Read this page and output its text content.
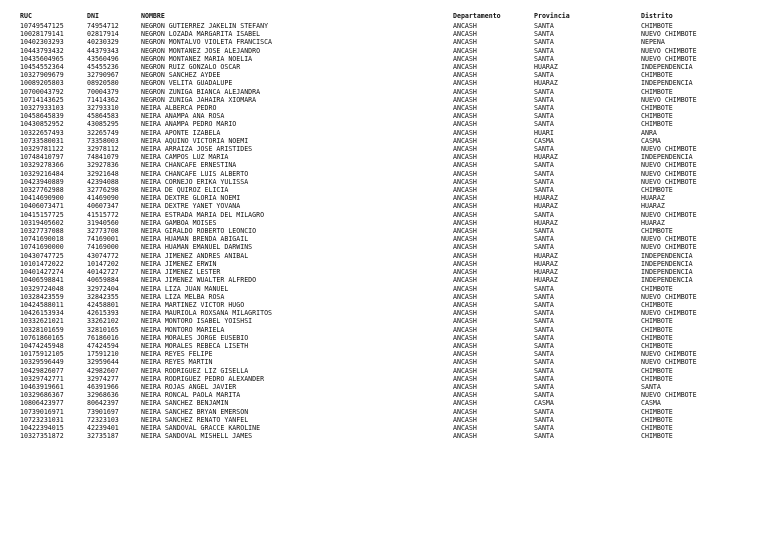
RUC	DNI	NOMBRE	Departamento	Provincia	Distrito
10749547125	74954712	NEGRON GUTIERREZ JAKELIN STEFANY	ANCASH	SANTA	CHIMBOTE
10028179141	02817914	NEGRON LOZADA MARGARITA ISABEL	ANCASH	SANTA	NUEVO CHIMBOTE
10402303293	40230329	NEGRON MONTALVO VIOLETA FRANCISCA	ANCASH	SANTA	NEPEÑA
10443793432	44379343	NEGRON MONTAÑEZ JOSE ALEJANDRO	ANCASH	SANTA	NUEVO CHIMBOTE
10435604965	43560496	NEGRON MONTAÑEZ MARIA NOELIA	ANCASH	SANTA	NUEVO CHIMBOTE
10454552364	45455236	NEGRON RUIZ GONZALO OSCAR	ANCASH	HUARAZ	INDEPENDENCIA
10327909679	32790967	NEGRON SANCHEZ AYDEE	ANCASH	SANTA	CHIMBOTE
10089205803	08920580	NEGRON VELITA GUADALUPE	ANCASH	HUARAZ	INDEPENDENCIA
10700043792	70004379	NEGRON ZUÑIGA BIANCA ALEJANDRA	ANCASH	SANTA	CHIMBOTE
10714143625	71414362	NEGRON ZUÑIGA JAHAIRA XIOMARA	ANCASH	SANTA	NUEVO CHIMBOTE
10327933103	32793310	NEIRA ALBERCA PEDRO	ANCASH	SANTA	CHIMBOTE
10458645839	45864583	NEIRA ANAMPA ANA ROSA	ANCASH	SANTA	CHIMBOTE
10430852952	43085295	NEIRA ANAMPA PEDRO MARIO	ANCASH	SANTA	CHIMBOTE
10322657493	32265749	NEIRA APONTE IZABELA	ANCASH	HUARI	ANRA
10733580031	73358003	NEIRA AQUINO VICTORIA NOEMI	ANCASH	CASMA	CASMA
10329781122	32978112	NEIRA ARRAIZA JOSE ARISTIDES	ANCASH	SANTA	NUEVO CHIMBOTE
10748410797	74841079	NEIRA CAMPOS LUZ MARIA	ANCASH	HUARAZ	INDEPENDENCIA
10329278366	32927836	NEIRA CHANCAFE ERNESTINA	ANCASH	SANTA	NUEVO CHIMBOTE
10329216484	32921648	NEIRA CHANCAFE LUIS ALBERTO	ANCASH	SANTA	NUEVO CHIMBOTE
10423940889	42394088	NEIRA CORNEJO ERIKA YULISSA	ANCASH	SANTA	NUEVO CHIMBOTE
10327762988	32776298	NEIRA DE QUIROZ ELICIA	ANCASH	SANTA	CHIMBOTE
10414690900	41469090	NEIRA DEXTRE GLORIA NOEMI	ANCASH	HUARAZ	HUARAZ
10406073471	40607347	NEIRA DEXTRE YANET YOVANA	ANCASH	HUARAZ	HUARAZ
10415157725	41515772	NEIRA ESTRADA MARIA DEL MILAGRO	ANCASH	SANTA	NUEVO CHIMBOTE
10319405602	31940560	NEIRA GAMBOA MOISES	ANCASH	HUARAZ	HUARAZ
10327737088	32773708	NEIRA GIRALDO ROBERTO LEONCIO	ANCASH	SANTA	CHIMBOTE
10741690018	74169001	NEIRA HUAMAN BRENDA ABIGAIL	ANCASH	SANTA	NUEVO CHIMBOTE
10741690000	74169000	NEIRA HUAMAN EMANUEL DARWINS	ANCASH	SANTA	NUEVO CHIMBOTE
10430747725	43074772	NEIRA JIMENEZ ANDRES ANIBAL	ANCASH	HUARAZ	INDEPENDENCIA
10101472022	10147202	NEIRA JIMENEZ ERWIN	ANCASH	HUARAZ	INDEPENDENCIA
10401427274	40142727	NEIRA JIMENEZ LESTER	ANCASH	HUARAZ	INDEPENDENCIA
10406598841	40659884	NEIRA JIMENEZ WUALTER ALFREDO	ANCASH	HUARAZ	INDEPENDENCIA
10329724048	32972404	NEIRA LIZA JUAN MANUEL	ANCASH	SANTA	CHIMBOTE
10328423559	32842355	NEIRA LIZA MELBA ROSA	ANCASH	SANTA	NUEVO CHIMBOTE
10424588011	42458801	NEIRA MARTINEZ VICTOR HUGO	ANCASH	SANTA	CHIMBOTE
10426153934	42615393	NEIRA MAURIOLA ROXSANA MILAGRITOS	ANCASH	SANTA	NUEVO CHIMBOTE
10332621021	33262102	NEIRA MONTORO ISABEL YOISHSI	ANCASH	SANTA	CHIMBOTE
10328101659	32810165	NEIRA MONTORO MARIELA	ANCASH	SANTA	CHIMBOTE
10761860165	76186016	NEIRA MORALES JORGE EUSEBIO	ANCASH	SANTA	CHIMBOTE
10474245948	47424594	NEIRA MORALES REBECA LISETH	ANCASH	SANTA	CHIMBOTE
10175912105	17591210	NEIRA REYES FELIPE	ANCASH	SANTA	NUEVO CHIMBOTE
10329596449	32959644	NEIRA REYES MARTIN	ANCASH	SANTA	NUEVO CHIMBOTE
10429826077	42982607	NEIRA RODRIGUEZ LIZ GISELLA	ANCASH	SANTA	CHIMBOTE
10329742771	32974277	NEIRA RODRIGUEZ PEDRO ALEXANDER	ANCASH	SANTA	CHIMBOTE
10463919661	46391966	NEIRA ROJAS ANGEL JAVIER	ANCASH	SANTA	SANTA
10329686367	32968636	NEIRA RONCAL PAOLA MARITA	ANCASH	SANTA	NUEVO CHIMBOTE
10806423977	80642397	NEIRA SANCHEZ BENJAMIN	ANCASH	CASMA	CASMA
10739016971	73901697	NEIRA SANCHEZ BRYAN EMERSON	ANCASH	SANTA	CHIMBOTE
10723231031	72323103	NEIRA SANCHEZ RENATO YANFEL	ANCASH	SANTA	CHIMBOTE
10422394015	42239401	NEIRA SANDOVAL GRACCE KAROLINE	ANCASH	SANTA	CHIMBOTE
10327351872	32735187	NEIRA SANDOVAL MISHELL JAMES	ANCASH	SANTA	CHIMBOTE
